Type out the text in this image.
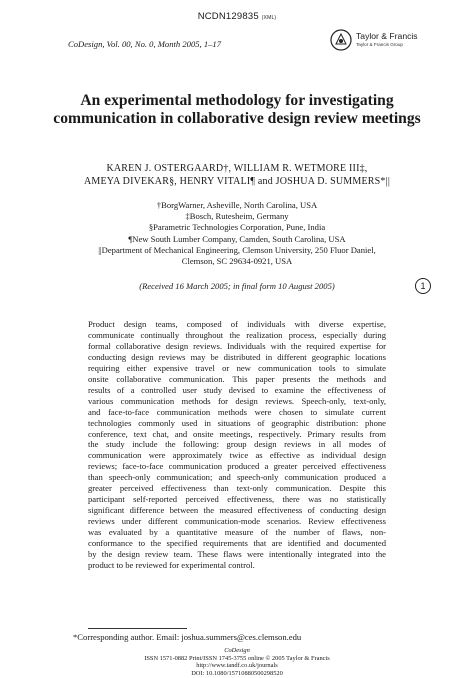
NCDN129835 (XML)
CoDesign, Vol. 00, No. 0, Month 2005, 1–17
Taylor & Francis
Taylor & Francis Group
An experimental methodology for investigating communication in collaborative design review meetings
KAREN J. OSTERGAARD†, WILLIAM R. WETMORE III‡,
AMEYA DIVEKAR§, HENRY VITALI¶ and JOSHUA D. SUMMERS*||
†BorgWarner, Asheville, North Carolina, USA
‡Bosch, Rutesheim, Germany
§Parametric Technologies Corporation, Pune, India
¶New South Lumber Company, Camden, South Carolina, USA
||Department of Mechanical Engineering, Clemson University, 250 Fluor Daniel,
Clemson, SC 29634-0921, USA
(Received 16 March 2005; in final form 10 August 2005)	1
Product design teams, composed of individuals with diverse expertise,
communicate continually throughout the realization process, especially during
formal collaborative design reviews. Individuals with the required expertise for
conducting design reviews may be distributed in different geographic locations
requiring either expensive travel or new communication tools to simulate
onsite collaborative communication. This paper presents the methods and
results of a controlled user study devised to examine the effectiveness of
various communication methods for design reviews. Speech-only, text-only,
and face-to-face communication methods were chosen to simulate current
technologies commonly used in situations of geographic distribution: phone
conference, text chat, and onsite meetings, respectively. Primary results from
the study include the following: group design reviews in all modes of
communication were approximately twice as effective as individual design
reviews; face-to-face communication produced a greater perceived effectiveness
than speech-only communication; and speech-only communication produced a
greater perceived effectiveness than text-only communication. Despite this
participant self-reported perceived effectiveness, there was no statistically
significant difference between the measured effectiveness of conducting design
reviews under different communication-mode scenarios. Review effectiveness
was evaluated by a quantitative measure of the number of flaws, non-
conformance to the specified requirements that are identified and documented
by the design review team. These flaws were intentionally integrated into the
product to be reviewed for experimental control.
*Corresponding author. Email: joshua.summers@ces.clemson.edu
CoDesign
ISSN 1571-0882 Print/ISSN 1745-3755 online © 2005 Taylor & Francis
http://www.tandf.co.uk/journals
DOI: 10.1080/15710880500298520
